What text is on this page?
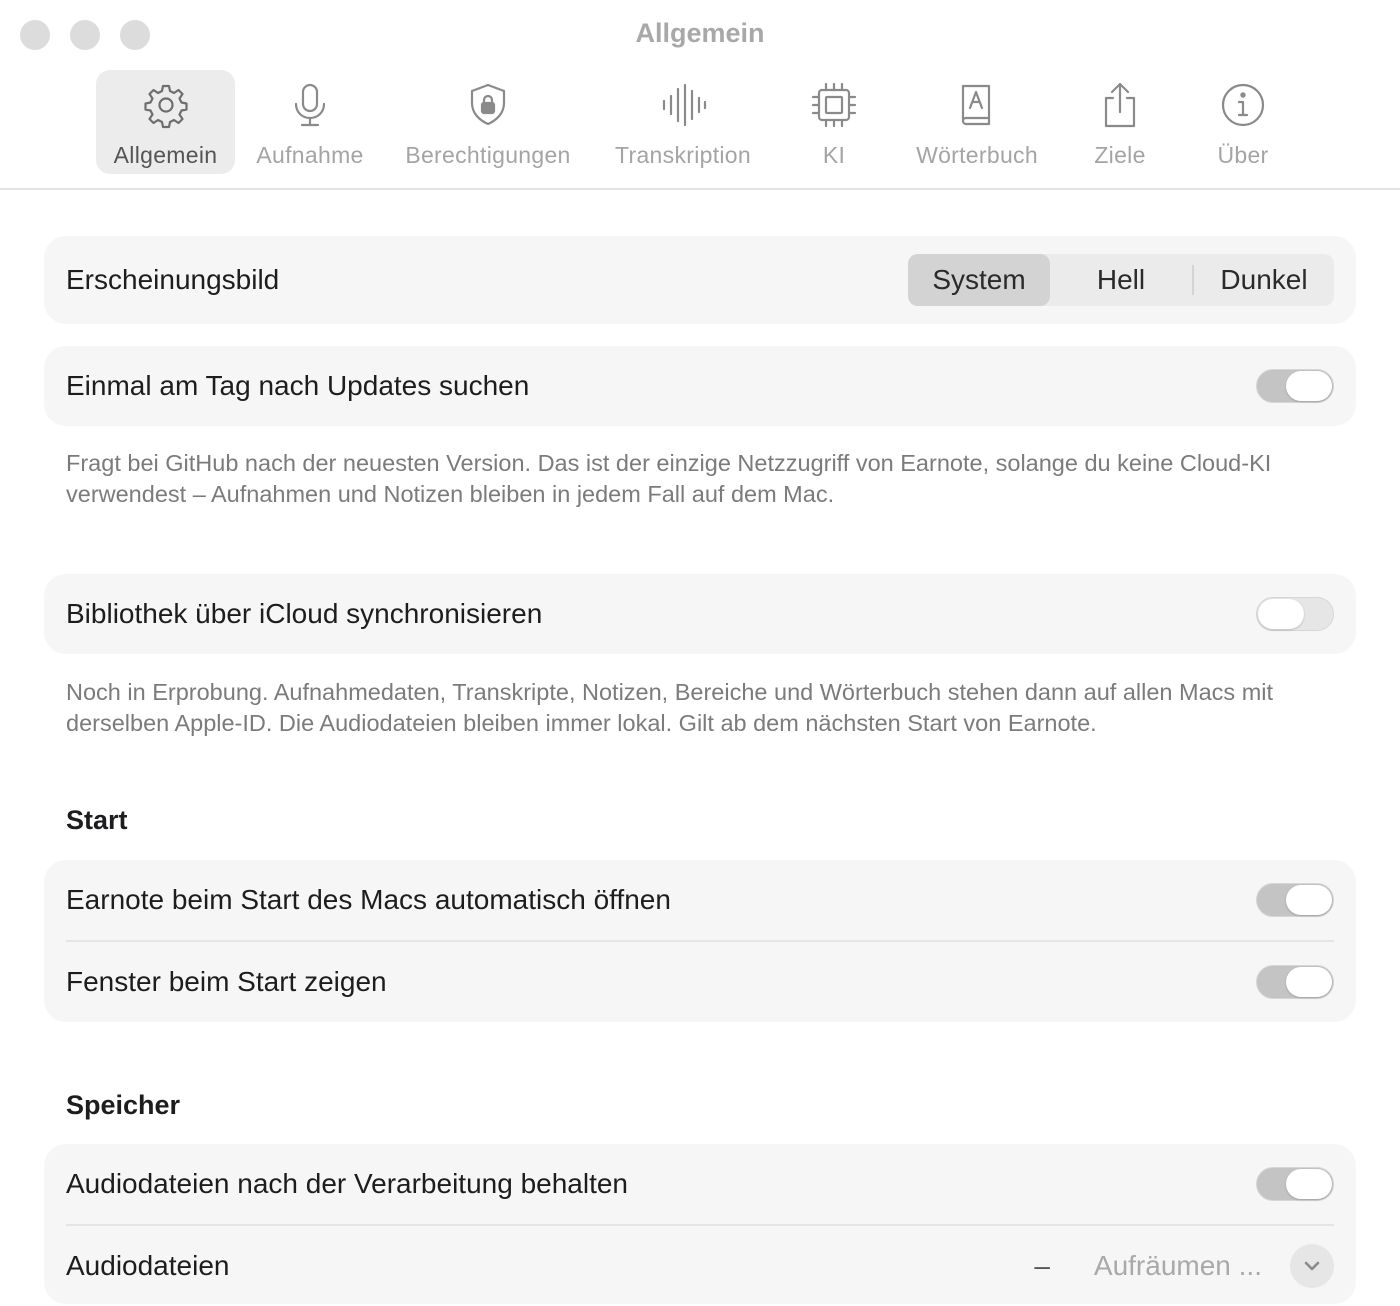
Allgemein
Allgemein Aufnahme Berechtigungen Transkription	KI	Wörterbuch Ziele	Über
Erscheinungsbild	System	Hell	Dunkel
Einmal am Tag nach Updates suchen
Fragt bei GitHub nach der neuesten Version. Das ist der einzige Netzzugriff von Earnote, solange du keine Cloud-KI verwendest – Aufnahmen und Notizen bleiben in jedem Fall auf dem Mac.
Bibliothek über iCloud synchronisieren
Noch in Erprobung. Aufnahmedaten, Transkripte, Notizen, Bereiche und Wörterbuch stehen dann auf allen Macs mit derselben Apple-ID. Die Audiodateien bleiben immer lokal. Gilt ab dem nächsten Start von Earnote.
Start
Earnote beim Start des Macs automatisch öffnen
Fenster beim Start zeigen
Speicher
Audiodateien nach der Verarbeitung behalten
Audiodateien	– Aufräumen ...
